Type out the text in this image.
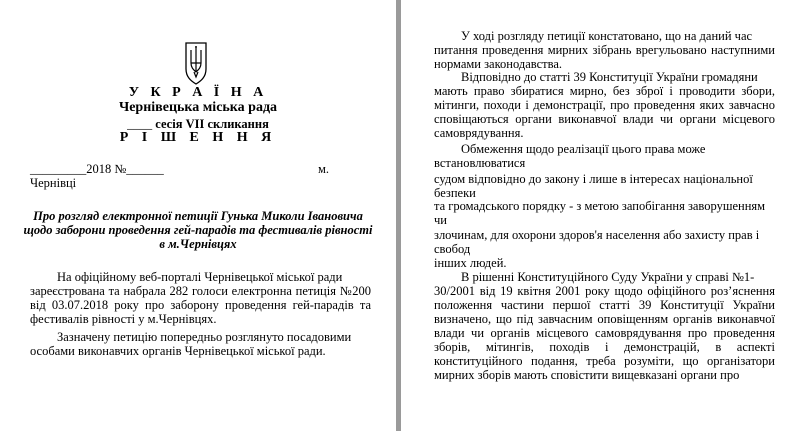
У К Р А Ї Н А
Чернівецька міська рада
____ сесія VII скликання
Р І Ш Е Н Н Я
_________2018 №______	м.
Чернівці
Про розгляд електронної петиції Гунька Миколи Івановича
щодо заборони проведення гей-парадів та фестивалів рівності
в м.Чернівцях
На офіційному веб-порталі Чернівецької міської ради
зареєстрована та набрала 282 голоси електронна петиція №200 від 03.07.2018 року про заборону проведення гей-парадів та фестивалів рівності у м.Чернівцях.
Зазначену петицію попередньо розглянуто посадовими
особами виконавчих органів Чернівецької міської ради.
У ході розгляду петиції констатовано, що на даний час
питання проведення мирних зібрань врегульовано наступними нормами законодавства.
Відповідно до статті 39 Конституції України громадяни
мають право збиратися мирно, без зброї і проводити збори, мітинги, походи і демонстрації, про проведення яких завчасно сповіщаються органи виконавчої влади чи органи місцевого самоврядування.
Обмеження щодо реалізації цього права може
встановлюватися
судом відповідно до закону і лише в інтересах національної
безпеки
та громадського порядку - з метою запобігання заворушенням
чи
злочинам, для охорони здоров'я населення або захисту прав і
свобод
інших людей.
В рішенні Конституційного Суду України у справі №1-
30/2001 від 19 квітня 2001 року щодо офіційного розʼяснення положення частини першої статті 39 Конституції України визначено, що під завчасним оповіщенням органів виконавчої влади чи органів місцевого самоврядування про проведення зборів, мітингів, походів і демонстрацій, в аспекті конституційного подання, треба розуміти, що організатори мирних зборів мають сповістити вищевказані органи про
